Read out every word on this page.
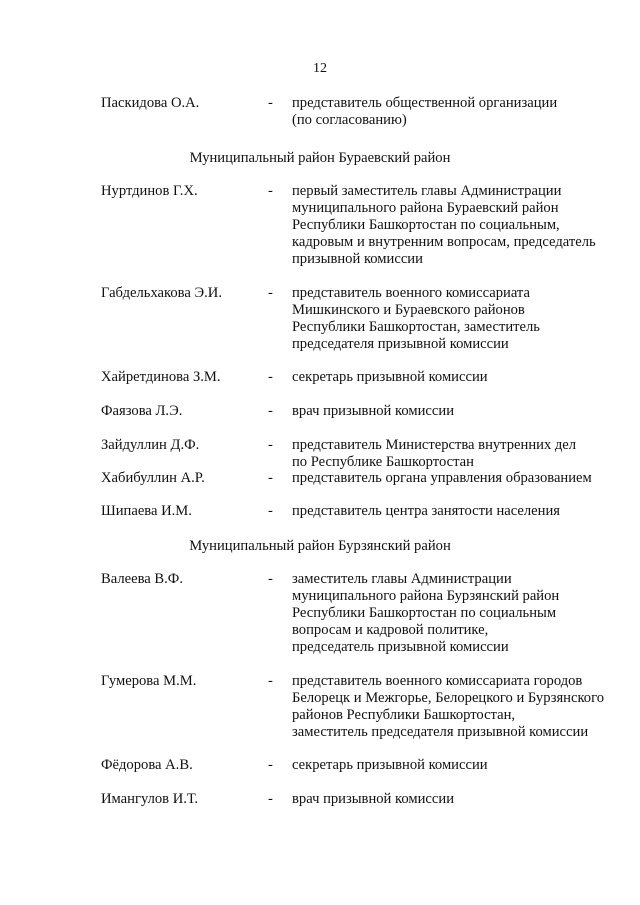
12
Паскидова О.А.	- представитель общественной организации
(по согласованию)
Муниципальный район Бураевский район
Нуртдинов Г.Х.	- первый заместитель главы Администрации
муниципального района Бураевский район
Республики Башкортостан по социальным,
кадровым и внутренним вопросам, председатель
призывной комиссии
Габдельхакова Э.И.	- представитель военного комиссариата
Мишкинского и Бураевского районов
Республики Башкортостан, заместитель
председателя призывной комиссии
Хайретдинова З.М.	- секретарь призывной комиссии
Фаязова Л.Э.	- врач призывной комиссии
Зайдуллин Д.Ф.	- представитель Министерства внутренних дел
по Республике Башкортостан
Хабибуллин А.Р.	- представитель органа управления образованием
Шипаева И.М.	- представитель центра занятости населения
Муниципальный район Бурзянский район
Валеева В.Ф.	- заместитель главы Администрации
муниципального района Бурзянский район
Республики Башкортостан по социальным
вопросам и кадровой политике,
председатель призывной комиссии
Гумерова М.М.	- представитель военного комиссариата городов
Белорецк и Межгорье, Белорецкого и Бурзянского
районов Республики Башкортостан,
заместитель председателя призывной комиссии
Фёдорова А.В.	- секретарь призывной комиссии
Имангулов И.Т.	- врач призывной комиссии
